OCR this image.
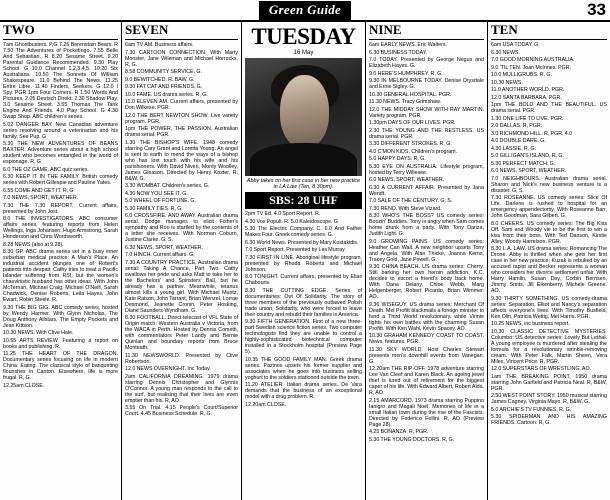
Green Guide	33
TWO
7am Ghostbusters. P,G 7.26 Berenstain Bears. R 7.50 The Adventures of Pocketingo. 7.55 Belle And Sebastian. R 8.20 Sesame Street. 9.20 Parental Guidance Recommended. 9.30 Play School. G 10.0 Channel 1,2,3,4,5. 10.20 Six Australians. 10.50 The Sonnets Of William Shakespeare. 11.0 Behind The News. 11.25 Entre Libre. 11.40 Finders, Seekers. G 12.0 I Spy. PGR 1pm Four Corners. R 1.50 Words And Pictures. 2.05 Deutsch Direkt. 2.30 Shadow Play. 3.0 Sesame Street. 3.55 Thomas The Tank Engine And Friends. 4.0 Play School. G 4.30 Swap Shop. ABC children's series.
5.02 DANGER BAY. New Canadian adventure series revolving around a veterinarian and his family. See Pup. G
5.30 THE NEW ADVENTURES OF BEANS BAXTER. Adventure series about a high school student who becomes entangled in the world of espionage. R, G
6.0 THE OZ GAME. ABC quiz series.
6.30 KEEP IT IN THE FAMILY. British comedy series with Robert Gillespie and Pauline Yates.
6.55 COME AND GET IT. R, G
7.0 NEWS, SPORT, WEATHER.
7.30 THE 7.30 REPORT. Current affairs, presented by John Jost.
8.0 THE INVESTIGATORS. ABC consumer affairs series, featuring reports from Helen Wellings, Inga Johansen, Hugo Armstrong, Sarah Henderson and Chris Wordsworth.
8.28 NEWS (also at 9.28).
8.30 GP. ABC drama series set in a busy inner suburban medical practice: A Man's Place. An industrial accident plunges one of Robert's patients into despair. Cathy tries to treat a Pacific Islander suffering from RSI, but the women's chauvinistic husband has other ideas. With John McTernan, Michael Craig, Michael O'Neill, Sarah Chadwick, Denise Roberts, Leila Hayes, John Ewart, Robin Steele. R.
9.30 THE BIG GIG. ABC comedy series, hosted by Wendy Harmer. With Glynn Nicholas, The Doug Anthony Allstars, The Empty Pockets and Jean Kittson.
10.30 NEWS. With Clive Hale.
10.55 ARTS REVIEW. Featuring a report on books and publishing. R.
11.25 THE HEART OF THE DRAGON. Documentary series focusing on life in modern China: Eating. The classical style of banqueting flourishes in Canton. Elsewhere, life is more frugal. R, G.
12.25am CLOSE.
SEVEN
6am TV AM. Business affairs.
7.30 CARTOON CONNECTION. With Marty Monster, Jane Wileman and Michael Horrocks. R, G.
8.58 COMMUNITY SERVICE. G.
9.0 BEWITCHED. R. BAW, G.
9.30 FAT CAT AND FRIENDS. G.
10.0 FAME. US drama series. R, G.
11.0 ELEVEN AM. Current affairs, presented by Don Wilkese. PGR.
12.0 THE BERT NEWTON SHOW. Live variety program. PGR.
1pm THE POWER, THE PASSION. Australian drama serial. PGR.
1.30 THE BISHOP'S WIFE. 1948 comedy starring Cary Grant and Loretta Young. An angel is sent to earth to mend the ways of a bishop who has lost touch with his wife and his parishioners. With David Niven, Monty Woolley, James Gleason. Directed by Henry Koster. R, B&W, G.
3.30 WOMBAT. Children's series. G.
4.30 NOW YOU SEE IT. G.
5.0 WHEEL OF FORTUNE. G.
5.30 FAMILY TIES. R, G.
6.0 CROSSFIRE. AND AWAY. Australian drama serial. Dodge manages to elicit Fisher's sympathy and Roo is startled by the contents of a letter she receives. With Norman Coburn, Justine Clarke. G, S.
6.30 NEWS, SPORT, WEATHER.
7.0 HINCH. Current affairs. G.
7.30 A COUNTRY PRACTICE. Australian drama serial: Taking A Chance, Part Two. Cathy swallows her pride and asks Matt to take her to the Bachelors' and Spinsters' Ball, but he already has a partner. Meanwhile, tetanus almost kills a young girl. With Michael Muntz, Kate Raison, John Tarrant, Brian Wenzel, Lorrae Desmond, Jeanette Cronin, Peter Hosking, Diane Saunders-Wyndham. G.
8.30 FOOTBALL. Direct telecast of VFL State of Origin match: Western Australia v Victoria, from the WACA in Perth. Hosted by Dennis Cometti, with commentators Peter Landy and Bernie Quinlan and boundary reports from Bruce Monteath.
11.30 NEWSWORLD. Presented by Clive Robertson.
12.0 NEWS OVERNIGHT. Inc Today.
2am CALIFORNIA DREAMING. 1979 drama starring Dennis Christopher and Glynnis O'Connor. A young man responds to the call to the surf, but realising that their lives are even emptier than his. R, AO.
3.55 On Trial. 4.15 People's Court/Superior Court. 4.45 Business Schedule. R, G.
TUESDAY
16 May
Abby takes on her first case in her new practice in LA Law (Ten, 8.30pm).
SBS: 28 UHF
2pm TV Ed. 4.0 Sport Report. R.
4.30 Vox Populi. R. 5.0 Kaleidoscope. G
5.30 The Electric Company. C. 6.0 And Father Makes Four. Greek comedy series. G.
6.30 World News. Presented by Mary Kostakidis.
7.0 Sport Report. Presented by Les Murray.
7.30 FIRST IN LINE. Aboriginal lifestyle program, presented by Rhoda Roberts and Michael Johnson.
8.0 TONIGHT. Current affairs, presented by Elias Chabouris.
8.30 THE CUTTING EDGE. Series of documentaries: Out Of Solidarity. The story of three members of the previously outlawed Polish trade union, Solidarity, who were forced to leave their country and rebuild their families in America.
9.30 FIFTH GENERATION. First of a new three-part Swedish science fiction series. Two computer technologists find they are unable to control a highly-sophisticated biotechnical computer installed in a Stockholm hospital (Preview Page 5).
10.35 THE GOOD FAMILY MAN. Greek drama series. Pazinos upsets his former supplier and associates when he goes into business selling yoghurt to the soldiers stationed outside the town.
11.20 ATELIER. Italian drama series. De Vara demands that the business of an exceptional model with a drug problem. R.
12.20am CLOSE.
NINE
6am EARLY NEWS. Eric Walters.
6.30 BUSINESS TODAY.
7.0 TODAY. Presented by George Negus and Elizabeth Hayes. G.
9.0 HERE'S HUMPHREY. R, G.
9.30 IN MELBOURNE TODAY. Denise Drysdale and Ernie Sigley. G.
10.30 GENERAL HOSPITAL. PGR.
11.30 NEWS. Tracy Grimshaw.
12.0 THE MIDDAY SHOW WITH RAY MARTIN. Variety program. PGR.
1.30pm DAYS OF OUR LIVES. PGR.
2.30 THE YOUNG AND THE RESTLESS. US drama serial. PGR.
3.30 DIFFERENT STROKES. R, G.
4.0 C'MON KIDS. Children's program.
5.0 HAPPY DAYS. R, G.
5.30 EYE ON AUSTRALIA. Lifestyle program, hosted by Terry Willesee.
6.0 NEWS, SPORT, WEATHER.
6.30 A CURRENT AFFAIR. Presented by Jana Wendt.
7.0 SALE OF THE CENTURY. G, S.
7.30 RENO. With Steve Vizard.
8.30 WHO'S THE BOSS? US comedy series: Boozin' Buddies. Tony is angry when Sam comes home drunk from a party. With Tony Danza, Judith Light. G.
9.0 GROWING PAINS. US comedy series: Heather Can Wait. A new neighbor upsets Tony and Angela. With Alan Thicke, Joanna Kerns, Tracey Gold, Jane Powell. G.
9.30 CHINA BEACH. US drama series: Cherry. Still barking her own heroin addiction, K.C. decides to escort a friend's body back home. With Dana Delany, Chloe Webb, Marg Helgenberger, Robert Picardo, Brian Wimmer. AO.
9.36 WISEGUY. US drama series: Merchant Of Death. Mel Profitt blackmails a foreign minister to fund a Third World revolutionary, while Vinnie fights his own battles with the charming Susan Profitt. With Ken Wahl, Kevin Spacey. AO.
10.30 GRAHAM KENNEDY COAST TO COAST. News, features. PGR.
11.30 SKY WORLD. Host Charles Stewart presents men's downhill events from Vanegan. G.
12.20am THE RIP-OFF. 1978 adventure starring Lee Van Cleef and Karen Black. An ageing jewel thief is lured out of retirement for the biggest caper of his life. With Edward Albert, Robert Alda. R, AO.
2.15 AMARCORD. 1973 drama starring Puppino Ianigro and Magali Noel. Memories of life in a small Italian town during the rise of the Fascists. Directed by Federico Fellini. R, AO (Preview Page 28).
4.25 BONANZA. R, PGR.
5.30 THE YOUNG DOCTORS. R, G.
TEN
6am USA TODAY. G.
6.30 NEWS.
7.0 GOOD MORNING AUSTRALIA.
9.0 'TIL TEN. Joan McInnes. PGR.
10.0 MULLIGRUBS. R, G.
10.30 NEWS.
11.0 ANOTHER WORLD. PGR.
12.0 SANTA BARBARA. PGR.
1pm THE BOLD AND THE BEAUTIFUL. US drama serial. PGR.
1.30 ONE LIFE TO LIVE. PGR.
2.0 DALLAS. R, PGR.
3.0 RICHMOND HILL. R, PGR. 4.0
4.0 DOUBLE DARE. G.
4.30 LASSIE. R, G.
5.0 GILLIGAN'S ISLAND. R, G.
5.30 PERFECT MATCH. G.
6.0 NEWS, SPORT, WEATHER.
7.0 NEIGHBOURS. Australian drama serial. Sharon and Nick's new business venture is a disaster. G, S.
7.30 ROSEANNE. US comedy series: Slice Of Life. Darlene is rushed to hospital for an emergency appendectomy. With Roseanne Barr, John Goodman, Sara Gilbert. G.
8.0 CHEERS. US comedy series: The Big Kiss Off. Sam and Woody vie to be the first to win a kiss from their boss. With Ted Danson, Kirstie Alley, Woody Harrelson. PGR.
8.30 L.A. LAW. US drama series: Romancing The Drone. Abby is thrilled when she gets her first case in her new practice; Kuzak is rebuked by an accused rapist and Becker represents a woman who considers her divorce settlement unfair. With Harry Hamlin, Susan Dey, Corbin Bernsen, Jimmy Smits, Jill Eikenberry, Michele Greene. AO.
9.30 THIRTY SOMETHING. US comedy-drama series: Separation. Elliot and Nancy's separation affects everyone's lives. With Timothy Busfield, Ken Olin, Patricia Wettig, Mel Harris. PGR.
10.25 NEWS, inc business report.
10.30 CLASSIC DETECTIVE MYSTERIES. Columbo: US detective series: Lovely But Lethal. A young employee is murdered after stealing the formula for a revolutionary wrinkle-removing cream. With Peter Falk, Martin Sheen, Vera Miles, Vincent Price. R, PGR.
12.0 SUPERSTARS OF WRESTLING. AO.
1am THE BREAKING POINT. 1950 drama starring John Garfield and Patricia Neal. R, B&W, PGR.
2.50 WEST POINT STORY. 1950 musical starring James Cagney, Virginia Mayo. R, B&W, G.
5.0 ARCHIE'S TV FUNNIES. R, G.
5.30 SPIDERMAN AND HIS AMAZING FRIENDS. Cartoon. R, G.
